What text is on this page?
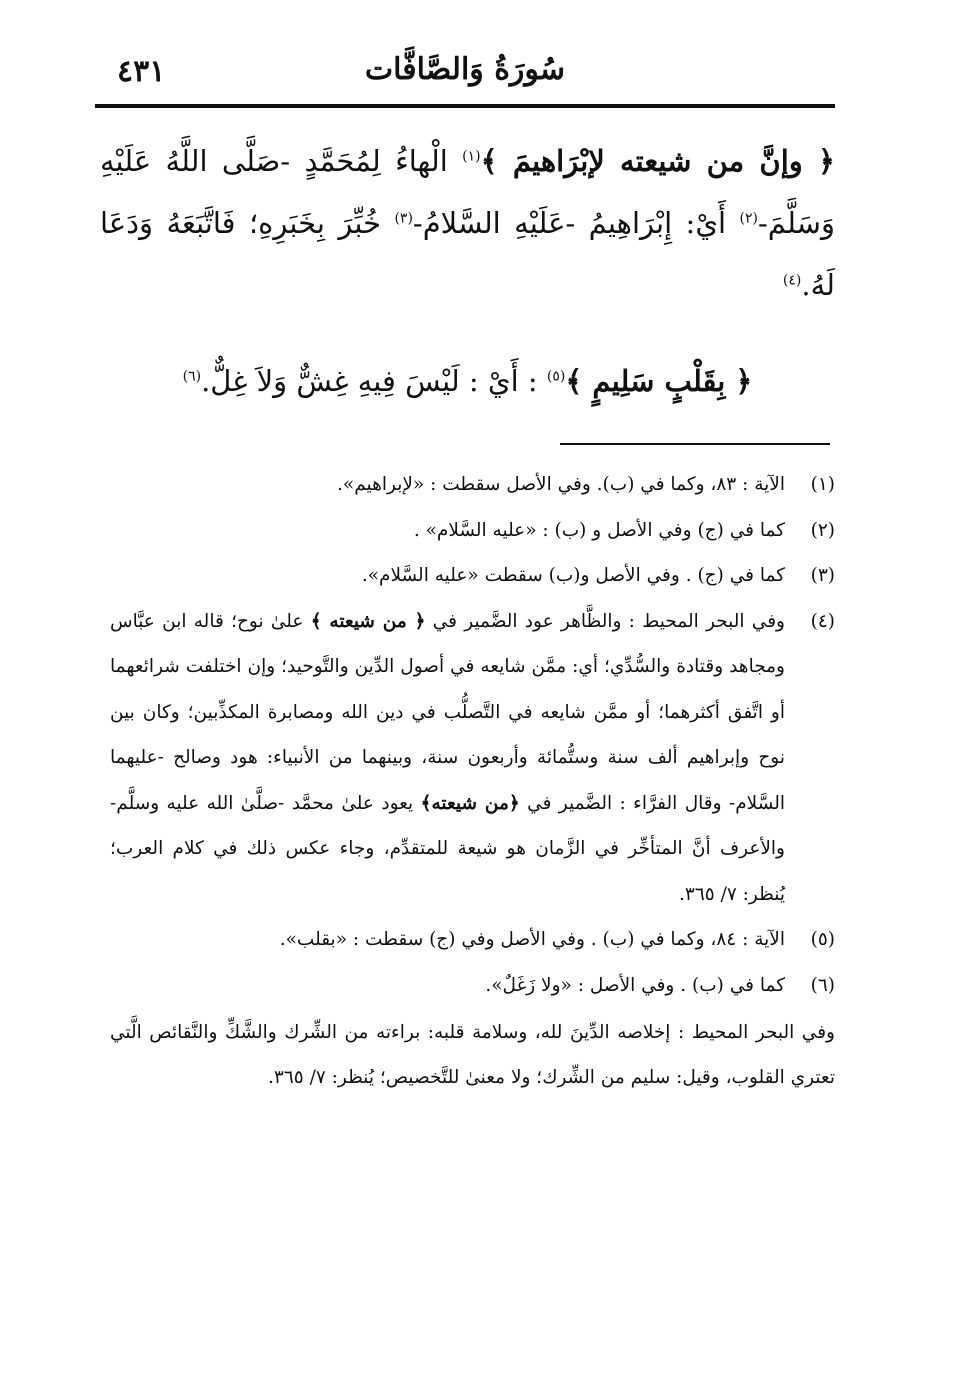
سُورَةُ وَالصَّافَّات
٤٣١

﴿ وإنَّ من شيعته لإبْرَاهيمَ ﴾$^{(١)}$ الْهاءُ لِمُحَمَّدٍ -صَلَّى اللَّهُ عَلَيْهِ وَسَلَّمَ-$^{(٢)}$ أَيْ: إِبْرَاهِيمُ -عَلَيْهِ السَّلامُ-$^{(٣)}$ خُبِّرَ بِخَبَرِهِ؛ فَاتَّبَعَهُ وَدَعَا لَهُ.$^{(٤)}$

﴿ بِقَلْبٍ سَلِيمٍ ﴾$^{(٥)}$ : أَيْ : لَيْسَ فِيهِ غِشٌّ وَلاَ غِلٌّ.$^{(٦)}$
(١)
الآية : ٨٣، وكما في (ب). وفي الأصل سقطت : «لإبراهيم».
(٢)
كما في (ج) وفي الأصل و (ب) : «عليه السَّلام» .
(٣)
كما في (ج) . وفي الأصل و(ب) سقطت «عليه السَّلام».
(٤)
وفي البحر المحيط : والظَّاهر عود الضَّمير في ﴿ من شيعته ﴾ علىٰ نوح؛ قاله ابن عبَّاس ومجاهد وقتادة والسُّدِّي؛ أي: ممَّن شايعه في أصول الدِّين والتَّوحيد؛ وإن اختلفت شرائعهما أو اتَّفق أكثرهما؛ أو ممَّن شايعه في التَّصلُّب في دين الله ومصابرة المكذِّبين؛ وكان بين نوح وإبراهيم ألف سنة وستُّمائة وأربعون سنة، وبينهما من الأنبياء: هود وصالح -عليهما السَّلام- وقال الفرَّاء : الضَّمير في ﴿من شيعته﴾ يعود علىٰ محمَّد -صلَّىٰ الله عليه وسلَّم- والأعرف أنَّ المتأخِّر في الزَّمان هو شيعة للمتقدِّم، وجاء عكس ذلك في كلام العرب؛ يُنظر: ٧/ ٣٦٥.
(٥)
الآية : ٨٤، وكما في (ب) . وفي الأصل وفي (ج) سقطت : «بقلب».
(٦)
كما في (ب) . وفي الأصل : «ولا زَغَلٌ».
وفي البحر المحيط : إخلاصه الدِّينَ لله، وسلامة قلبه: براءته من الشِّرك والشَّكِّ والنَّقائص الَّتي تعتري القلوب، وقيل: سليم من الشِّرك؛ ولا معنىٰ للتَّخصيص؛ يُنظر: ٧/ ٣٦٥.
